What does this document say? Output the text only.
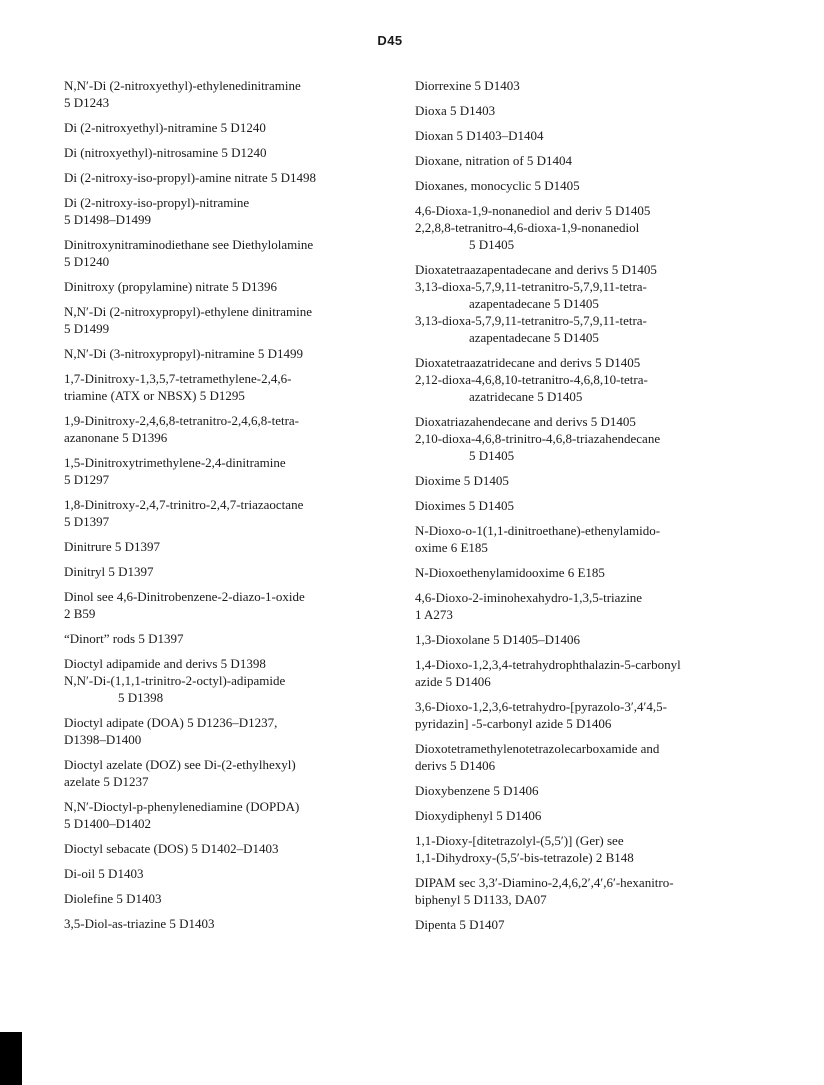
D45
N,N′-Di (2-nitroxyethyl)-ethylenedinitramine
5 D1243
Di (2-nitroxyethyl)-nitramine 5 D1240
Di (nitroxyethyl)-nitrosamine 5 D1240
Di (2-nitroxy-iso-propyl)-amine nitrate 5 D1498
Di (2-nitroxy-iso-propyl)-nitramine
5 D1498–D1499
Dinitroxynitraminodiethane see Diethylolamine
5 D1240
Dinitroxy (propylamine) nitrate 5 D1396
N,N′-Di (2-nitroxypropyl)-ethylene dinitramine
5 D1499
N,N′-Di (3-nitroxypropyl)-nitramine 5 D1499
1,7-Dinitroxy-1,3,5,7-tetramethylene-2,4,6-
triamine (ATX or NBSX) 5 D1295
1,9-Dinitroxy-2,4,6,8-tetranitro-2,4,6,8-tetra-
azanonane 5 D1396
1,5-Dinitroxytrimethylene-2,4-dinitramine
5 D1297
1,8-Dinitroxy-2,4,7-trinitro-2,4,7-triazaoctane
5 D1397
Dinitrure 5 D1397
Dinitryl 5 D1397
Dinol see 4,6-Dinitrobenzene-2-diazo-1-oxide
2 B59
“Dinort” rods 5 D1397
Dioctyl adipamide and derivs 5 D1398
N,N′-Di-(1,1,1-trinitro-2-octyl)-adipamide
5 D1398
Dioctyl adipate (DOA) 5 D1236–D1237,
D1398–D1400
Dioctyl azelate (DOZ) see Di-(2-ethylhexyl)
azelate 5 D1237
N,N′-Dioctyl-p-phenylenediamine (DOPDA)
5 D1400–D1402
Dioctyl sebacate (DOS) 5 D1402–D1403
Di-oil 5 D1403
Diolefine 5 D1403
3,5-Diol-as-triazine 5 D1403
Diorrexine 5 D1403
Dioxa 5 D1403
Dioxan 5 D1403–D1404
Dioxane, nitration of 5 D1404
Dioxanes, monocyclic 5 D1405
4,6-Dioxa-1,9-nonanediol and deriv 5 D1405
2,2,8,8-tetranitro-4,6-dioxa-1,9-nonanediol
5 D1405
Dioxatetraazapentadecane and derivs 5 D1405
3,13-dioxa-5,7,9,11-tetranitro-5,7,9,11-tetra-
azapentadecane 5 D1405
3,13-dioxa-5,7,9,11-tetranitro-5,7,9,11-tetra-
azapentadecane 5 D1405
Dioxatetraazatridecane and derivs 5 D1405
2,12-dioxa-4,6,8,10-tetranitro-4,6,8,10-tetra-
azatridecane 5 D1405
Dioxatriazahendecane and derivs 5 D1405
2,10-dioxa-4,6,8-trinitro-4,6,8-triazahendecane
5 D1405
Dioxime 5 D1405
Dioximes 5 D1405
N-Dioxo-o-1(1,1-dinitroethane)-ethenylamido-
oxime 6 E185
N-Dioxoethenylamidooxime 6 E185
4,6-Dioxo-2-iminohexahydro-1,3,5-triazine
1 A273
1,3-Dioxolane 5 D1405–D1406
1,4-Dioxo-1,2,3,4-tetrahydrophthalazin-5-carbonyl
azide 5 D1406
3,6-Dioxo-1,2,3,6-tetrahydro-[pyrazolo-3′,4′4,5-
pyridazin] -5-carbonyl azide 5 D1406
Dioxotetramethylenotetrazolecarboxamide and
derivs 5 D1406
Dioxybenzene 5 D1406
Dioxydiphenyl 5 D1406
1,1-Dioxy-[ditetrazolyl-(5,5′)] (Ger) see
1,1-Dihydroxy-(5,5′-bis-tetrazole) 2 B148
DIPAM sec 3,3′-Diamino-2,4,6,2′,4′,6′-hexanitro-
biphenyl 5 D1133, DA07
Dipenta 5 D1407
